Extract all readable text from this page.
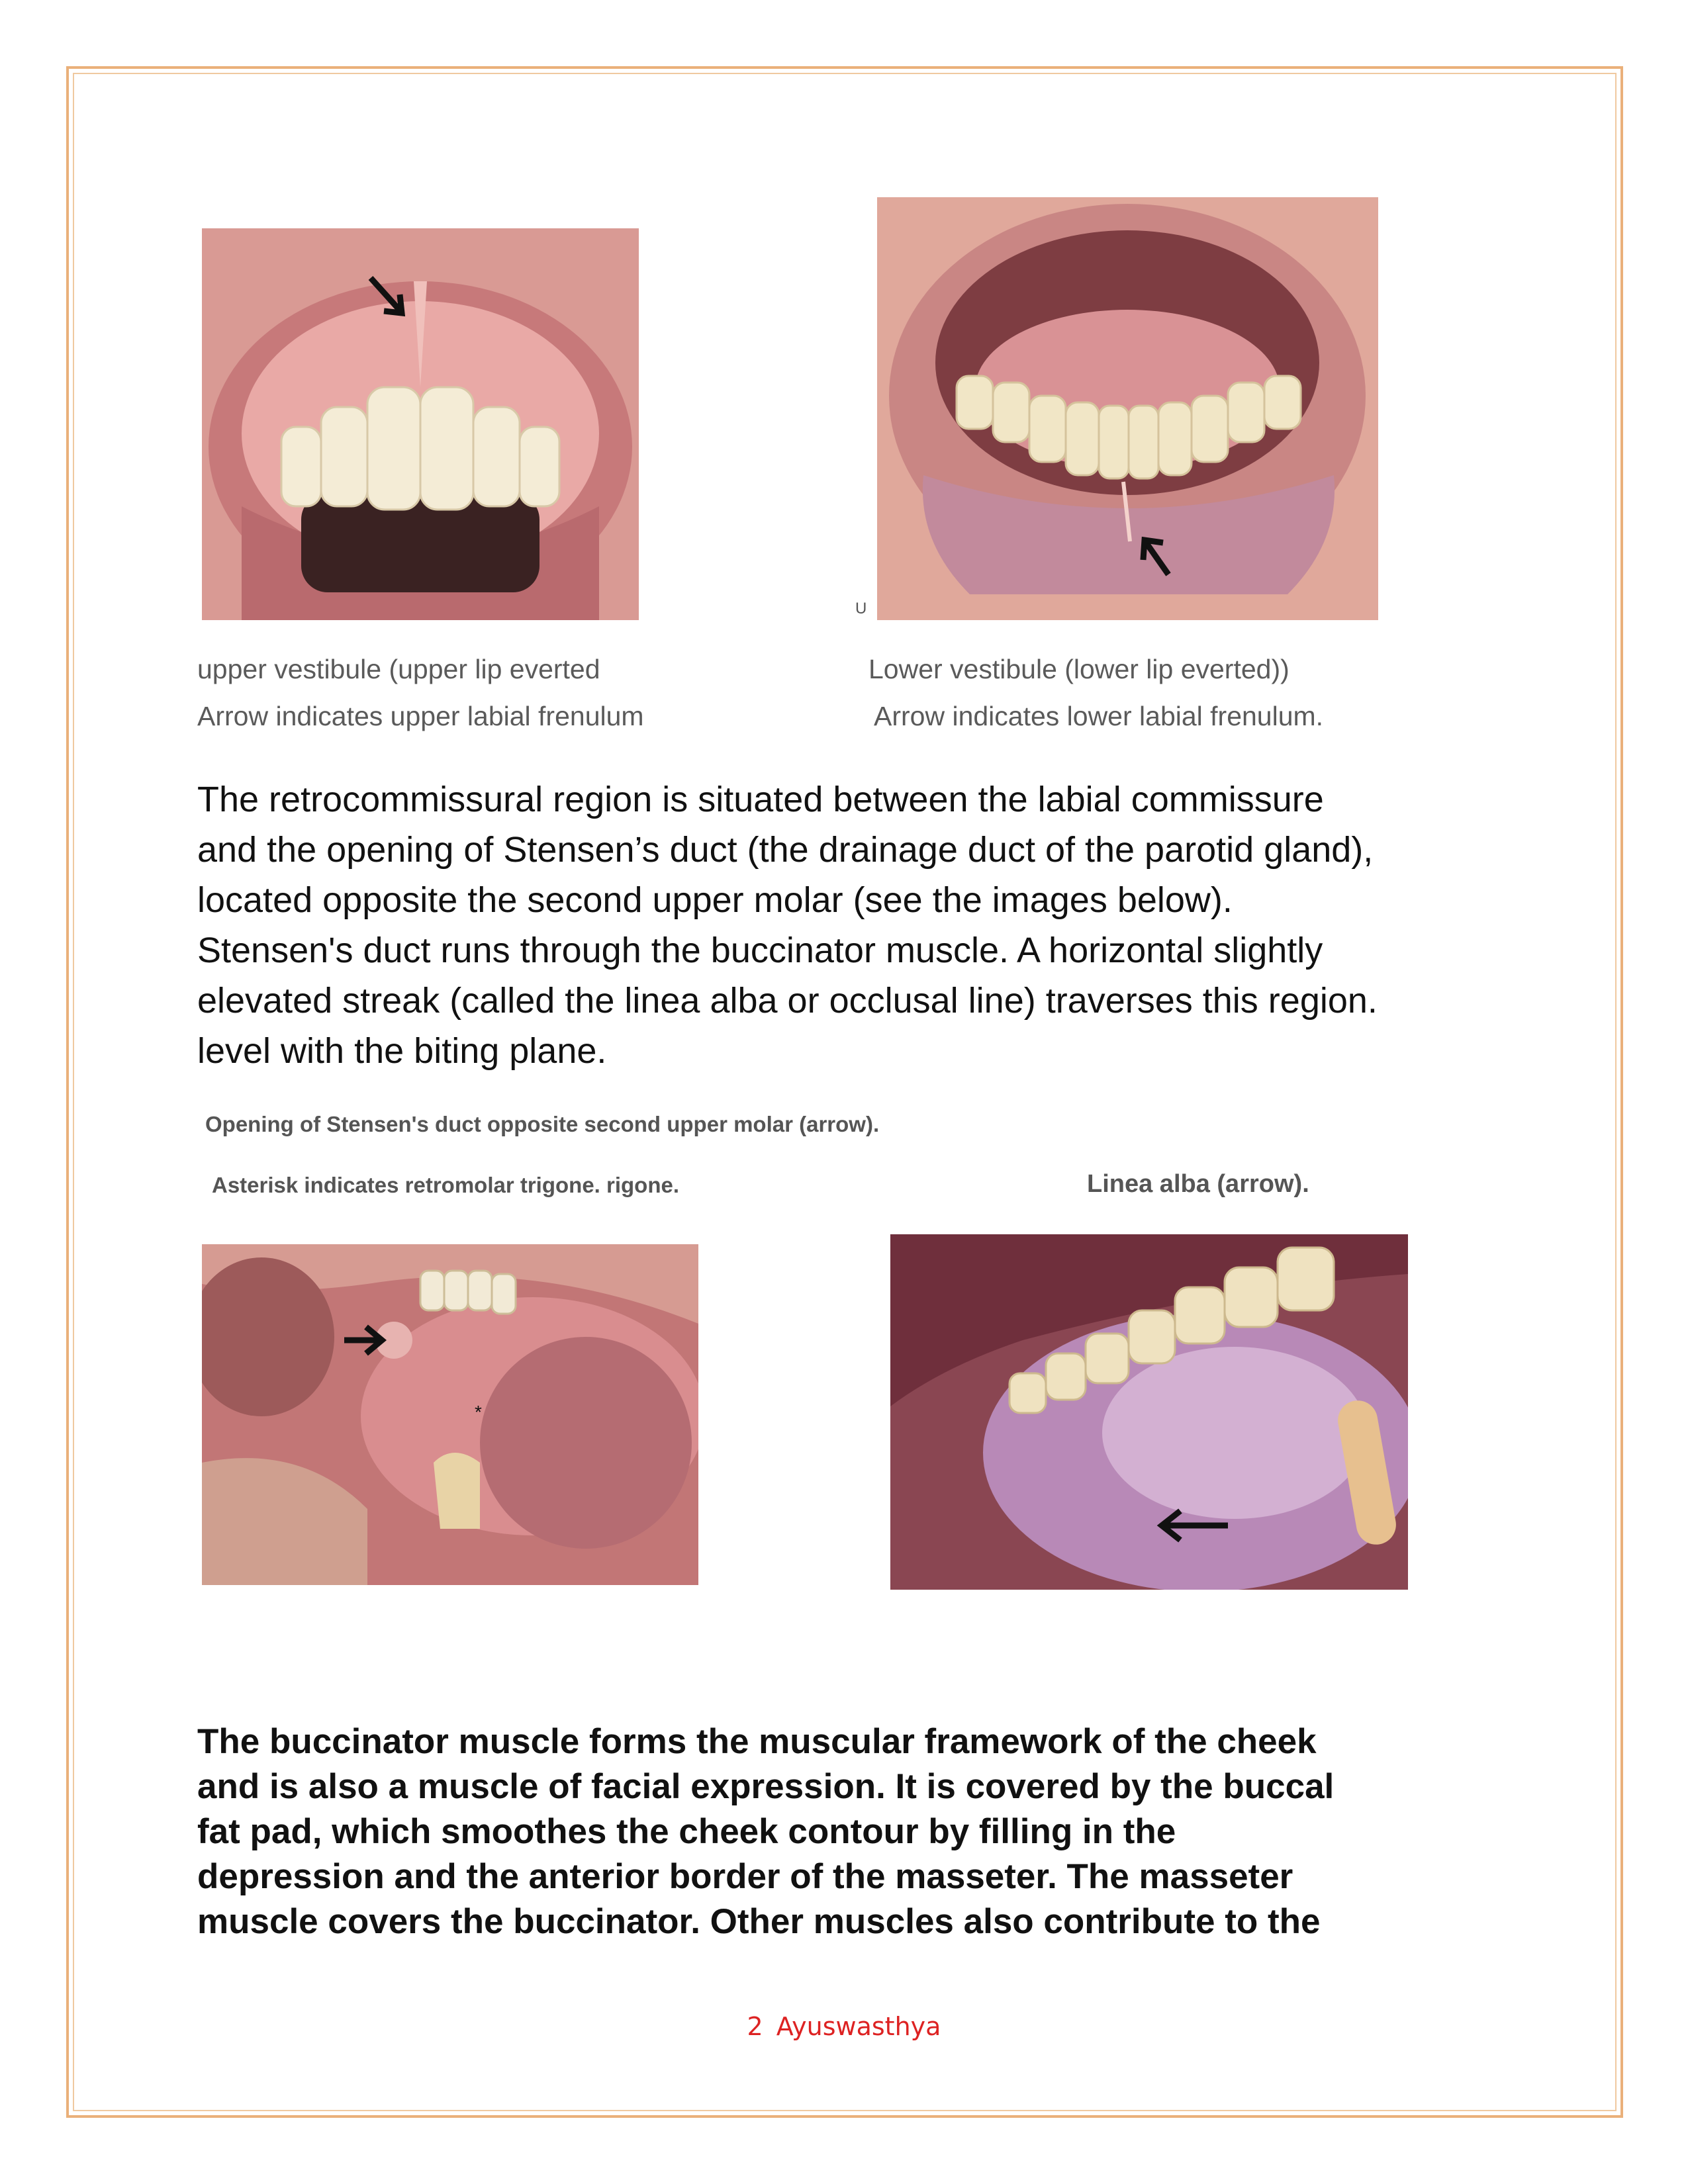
U
upper vestibule (upper lip everted
Arrow indicates upper labial frenulum
Lower vestibule (lower lip everted))
Arrow indicates lower labial frenulum.

The retrocommissural region is situated between the labial commissure

and the opening of Stensen’s duct (the drainage duct of the parotid gland),

located opposite the second upper molar (see the images below).

Stensen's duct runs through the buccinator muscle. A horizontal slightly

elevated streak (called the linea alba or occlusal line) traverses this region.

level with the biting plane.

Opening of Stensen's duct opposite second upper molar (arrow).
Asterisk indicates retromolar trigone. rigone.	Linea alba (arrow).
*

The buccinator muscle forms the muscular framework of the cheek

and is also a muscle of facial expression. It is covered by the buccal

fat pad, which smoothes the cheek contour by filling in the

depression and the anterior border of the masseter. The masseter

muscle covers the buccinator. Other muscles also contribute to the

2 Ayuswasthya
